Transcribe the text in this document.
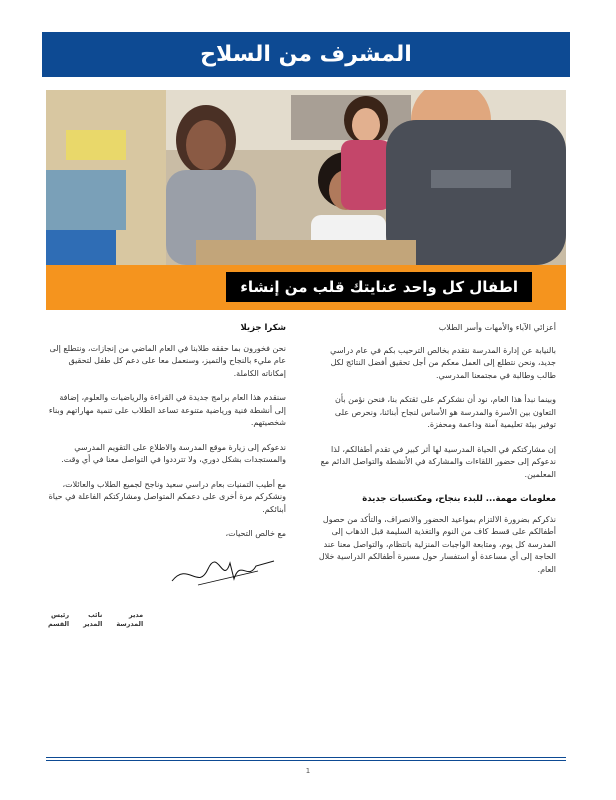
المشرف من السلاح
اطفال كل واحد عنايتك قلب من إنشاء

أعزائي الآباء والأمهات وأسر الطلاب

بالنيابة عن إدارة المدرسة نتقدم بخالص الترحيب بكم في عام دراسي جديد، ونحن نتطلع إلى العمل معكم من أجل تحقيق أفضل النتائج لكل طالب وطالبة في مجتمعنا المدرسي.

وبينما نبدأ هذا العام، نود أن نشكركم على ثقتكم بنا، فنحن نؤمن بأن التعاون بين الأسرة والمدرسة هو الأساس لنجاح أبنائنا، ونحرص على توفير بيئة تعليمية آمنة وداعمة ومحفزة.

إن مشاركتكم في الحياة المدرسية لها أثر كبير في تقدم أطفالكم، لذا ندعوكم إلى حضور اللقاءات والمشاركة في الأنشطة والتواصل الدائم مع المعلمين.

معلومات مهمة... للبدء بنجاح، ومكتسبات جديدة

نذكركم بضرورة الالتزام بمواعيد الحضور والانصراف، والتأكد من حصول أطفالكم على قسط كاف من النوم والتغذية السليمة قبل الذهاب إلى المدرسة كل يوم، ومتابعة الواجبات المنزلية بانتظام، والتواصل معنا عند الحاجة إلى أي مساعدة أو استفسار حول مسيرة أطفالكم الدراسية خلال العام.

شكرا جزيلا

نحن فخورون بما حققه طلابنا في العام الماضي من إنجازات، ونتطلع إلى عام مليء بالنجاح والتميز، وسنعمل معا على دعم كل طفل لتحقيق إمكاناته الكاملة.

سنقدم هذا العام برامج جديدة في القراءة والرياضيات والعلوم، إضافة إلى أنشطة فنية ورياضية متنوعة تساعد الطلاب على تنمية مهاراتهم وبناء شخصيتهم.

ندعوكم إلى زيارة موقع المدرسة والاطلاع على التقويم المدرسي والمستجدات بشكل دوري، ولا تترددوا في التواصل معنا في أي وقت.

مع أطيب التمنيات بعام دراسي سعيد وناجح لجميع الطلاب والعائلات، ونشكركم مرة أخرى على دعمكم المتواصل ومشاركتكم الفاعلة في حياة أبنائكم.

مع خالص التحيات،

مدير
المدرسة
نائب
المدير
رئيس
القسم
1
